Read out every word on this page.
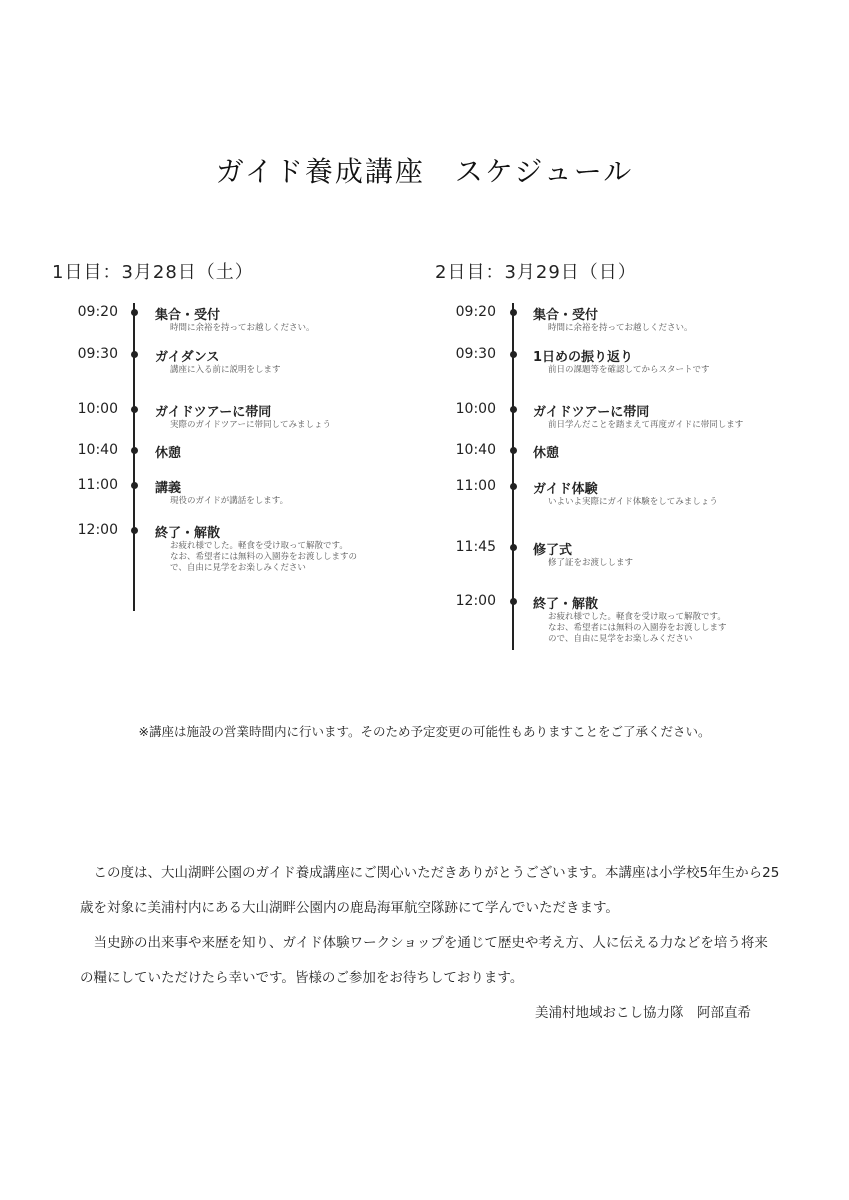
ガイド養成講座　スケジュール
1日目：3月28日（土）	2日目：3月29日（日）
09:20	集合・受付
時間に余裕を持ってお越しください。
09:30	ガイダンス
講座に入る前に説明をします
10:00	ガイドツアーに帯同
実際のガイドツアーに帯同してみましょう
10:40	休憩
11:00	講義
現役のガイドが講話をします。
12:00	終了・解散
お疲れ様でした。軽食を受け取って解散です。
なお、希望者には無料の入園券をお渡ししますの
で、自由に見学をお楽しみください
09:20	集合・受付
時間に余裕を持ってお越しください。
09:30	1日めの振り返り
前日の課題等を確認してからスタートです
10:00	ガイドツアーに帯同
前日学んだことを踏まえて再度ガイドに帯同します
10:40	休憩
11:00	ガイド体験
いよいよ実際にガイド体験をしてみましょう
11:45	修了式
修了証をお渡しします
12:00	終了・解散
お疲れ様でした。軽食を受け取って解散です。
なお、希望者には無料の入園券をお渡しします
ので、自由に見学をお楽しみください
※講座は施設の営業時間内に行います。そのため予定変更の可能性もありますことをご了承ください。

この度は、大山湖畔公園のガイド養成講座にご関心いただきありがとうございます。本講座は小学校5年生から25歳を対象に美浦村内にある大山湖畔公園内の鹿島海軍航空隊跡にて学んでいただきます。

当史跡の出来事や来歴を知り、ガイド体験ワークショップを通じて歴史や考え方、人に伝える力などを培う将来の糧にしていただけたら幸いです。皆様のご参加をお待ちしております。

美浦村地域おこし協力隊　阿部直希
